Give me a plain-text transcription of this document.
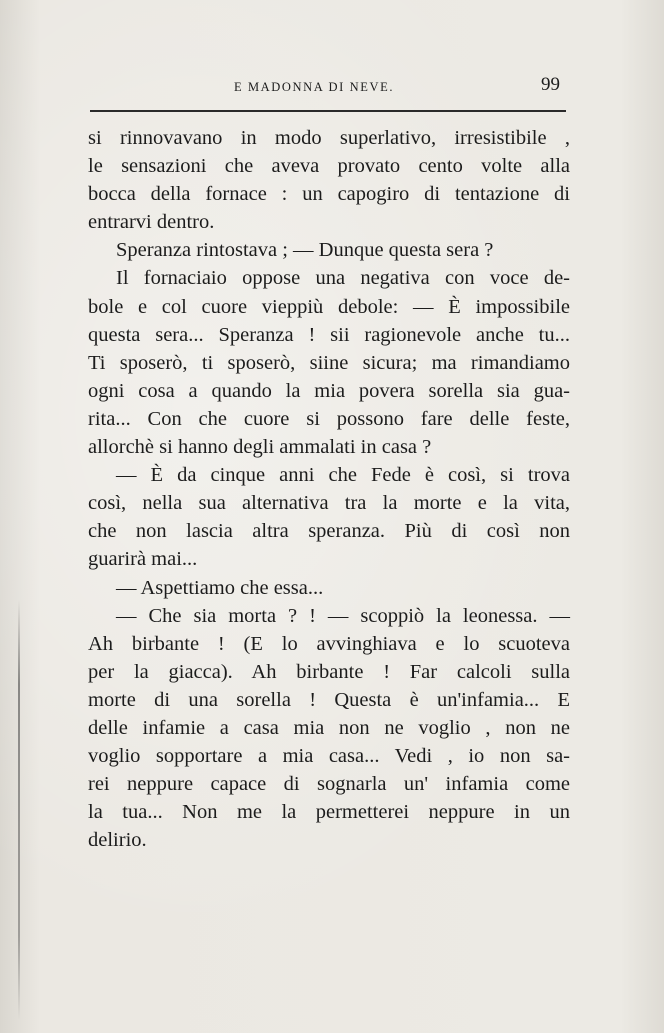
E MADONNA DI NEVE.	99
si rinnovavano in modo superlativo, irresistibile ,
le sensazioni che aveva provato cento volte alla
bocca della fornace : un capogiro di tentazione di
entrarvi dentro.
Speranza rintostava ; — Dunque questa sera ?
Il fornaciaio oppose una negativa con voce de-
bole e col cuore vieppiù debole: — È impossibile
questa sera... Speranza ! sii ragionevole anche tu...
Ti sposerò, ti sposerò, siine sicura; ma rimandiamo
ogni cosa a quando la mia povera sorella sia gua-
rita... Con che cuore si possono fare delle feste,
allorchè si hanno degli ammalati in casa ?
— È da cinque anni che Fede è così, si trova
così, nella sua alternativa tra la morte e la vita,
che non lascia altra speranza. Più di così non
guarirà mai...
— Aspettiamo che essa...
— Che sia morta ? ! — scoppiò la leonessa. —
Ah birbante ! (E lo avvinghiava e lo scuoteva
per la giacca). Ah birbante ! Far calcoli sulla
morte di una sorella ! Questa è un'infamia... E
delle infamie a casa mia non ne voglio , non ne
voglio sopportare a mia casa... Vedi , io non sa-
rei neppure capace di sognarla un' infamia come
la tua... Non me la permetterei neppure in un
delirio.
